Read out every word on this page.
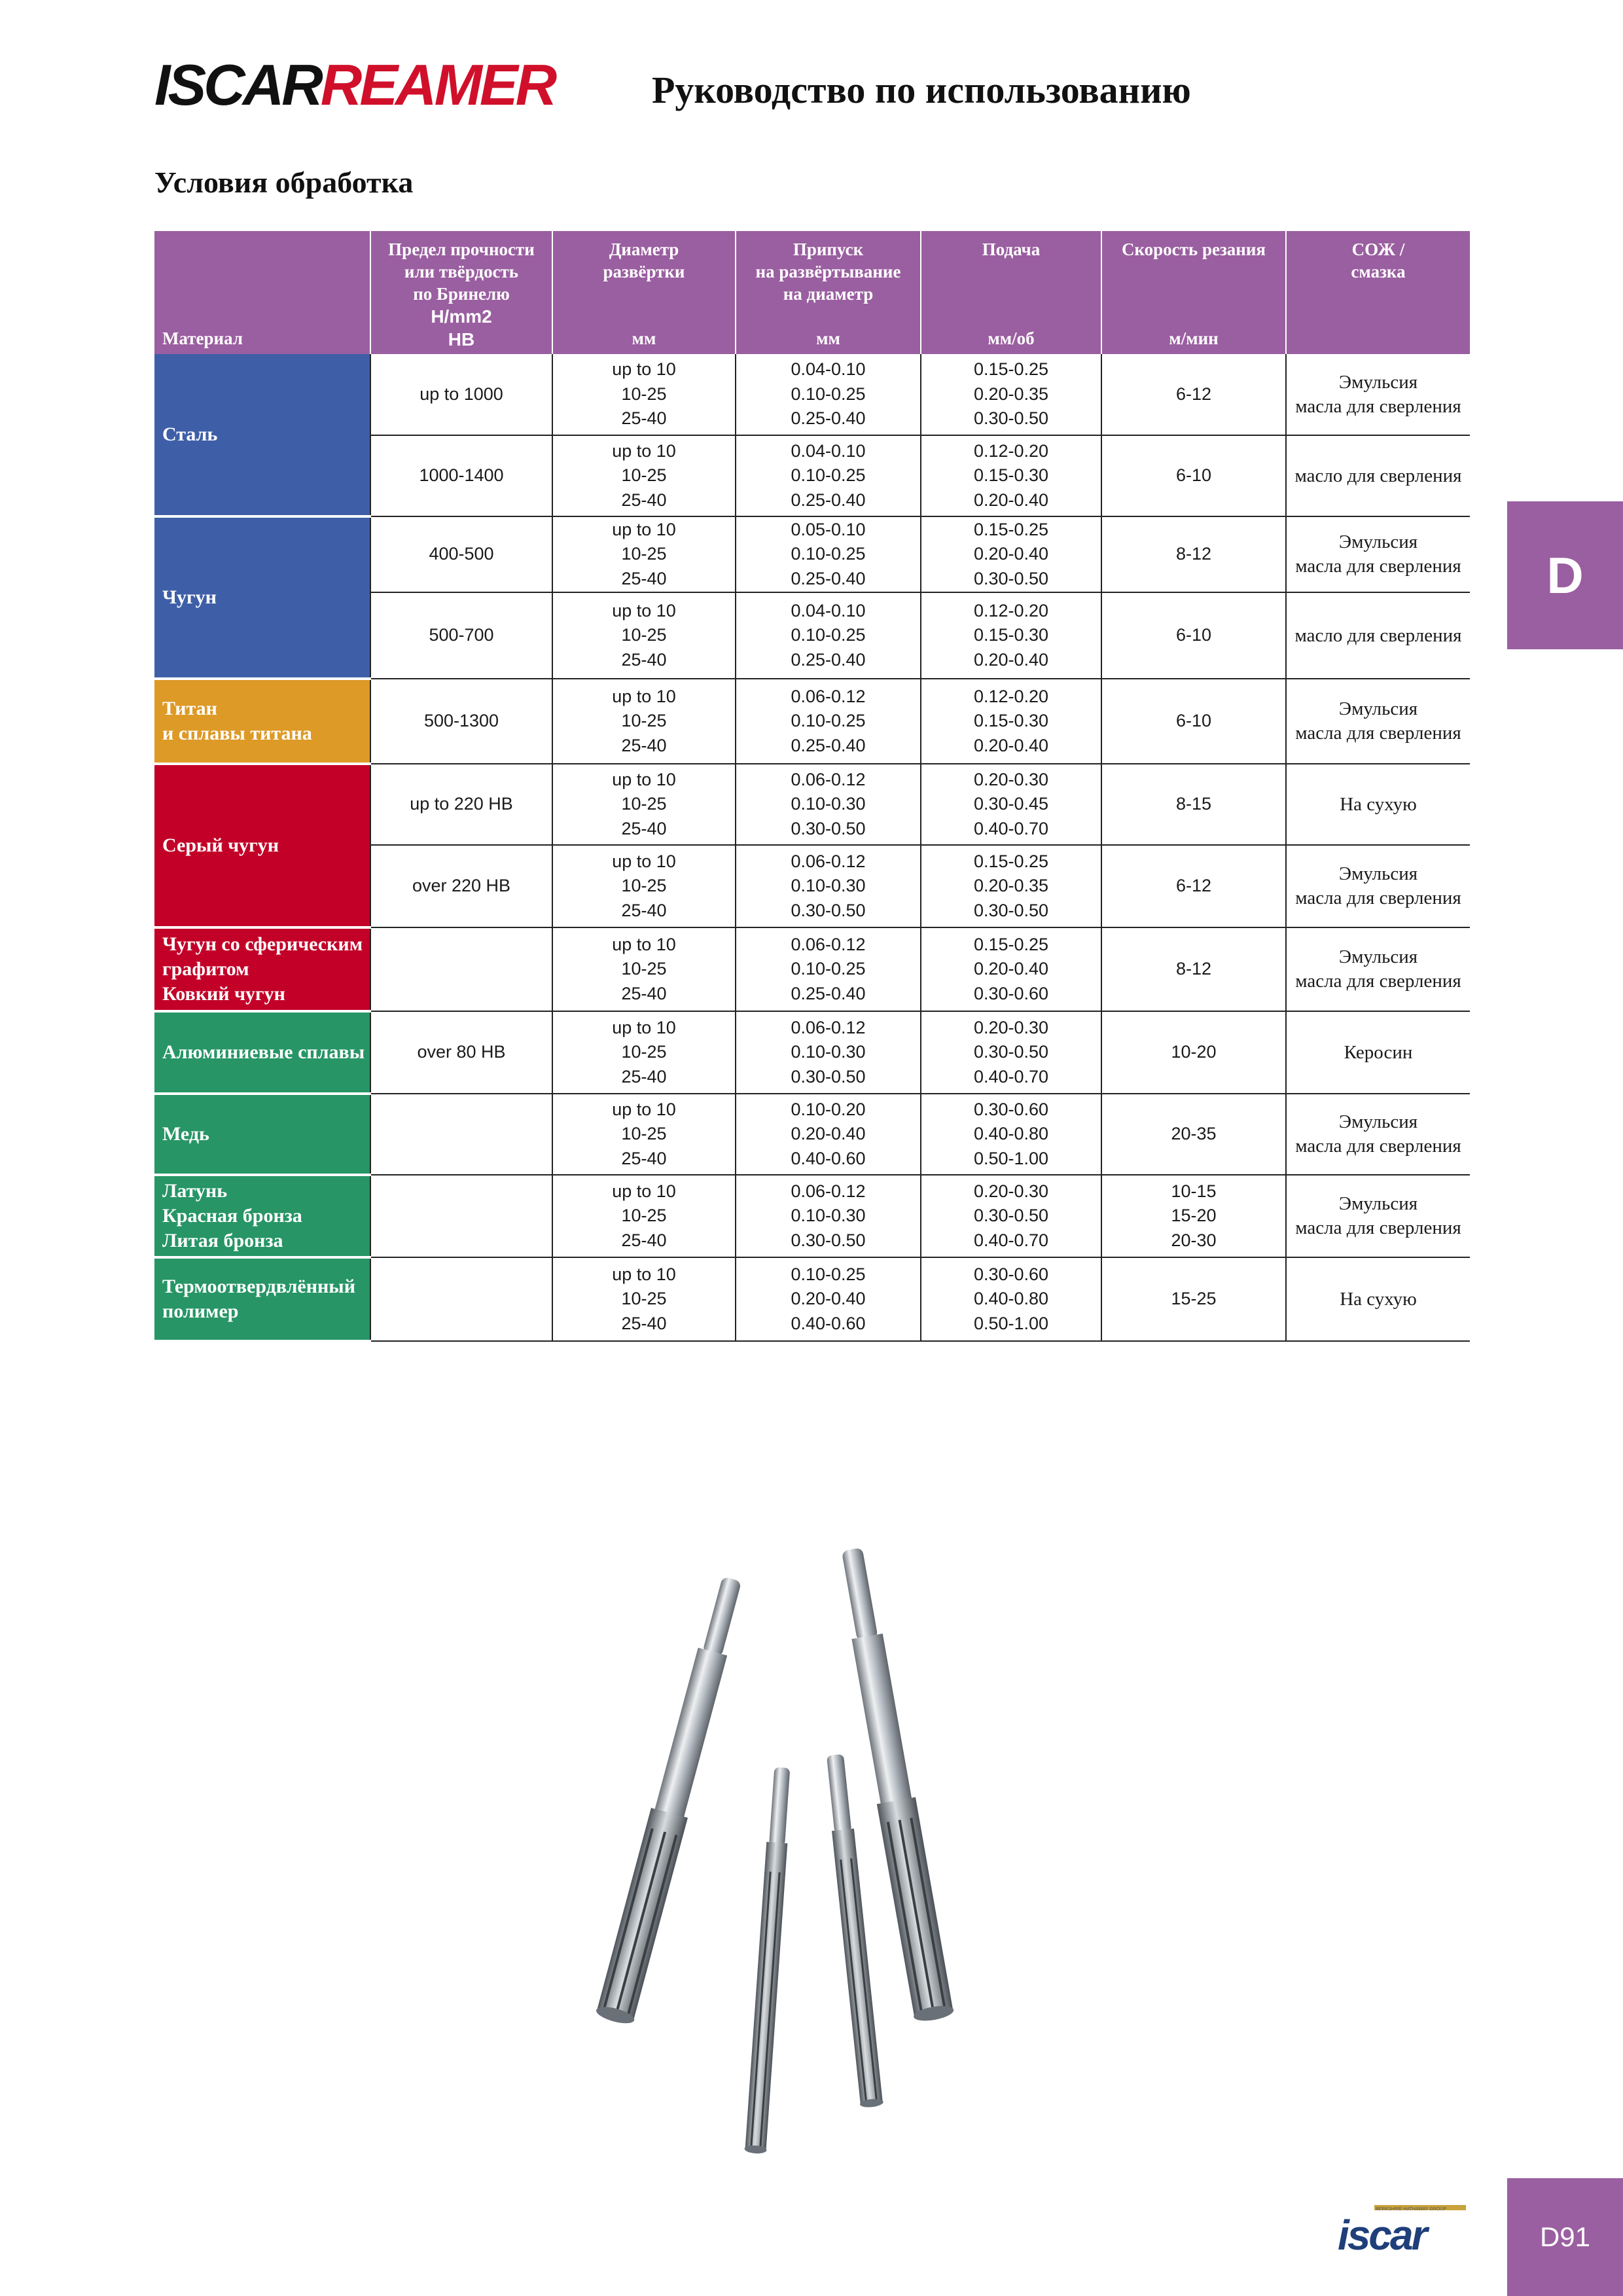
ISCARREAMER	Руководство по использованию
Условия обработка
D
D91
Материал	Предел прочности
или твёрдость
по Бринелю
H/mm2
HB	Диаметр
развёртки
мм	Припуск
на развёртывание
на диаметр
мм	Подача
мм/об	Скорость резания
м/мин	СОЖ /
смазка

Сталь	up to 1000	up to 10
10-25
25-40	0.04-0.10
0.10-0.25
0.25-0.40	0.15-0.25
0.20-0.35
0.30-0.50	6-12	Эмульсия
масла для сверления

	1000-1400	up to 10
10-25
25-40	0.04-0.10
0.10-0.25
0.25-0.40	0.12-0.20
0.15-0.30
0.20-0.40	6-10	масло для сверления

Чугун	400-500	up to 10
10-25
25-40	0.05-0.10
0.10-0.25
0.25-0.40	0.15-0.25
0.20-0.40
0.30-0.50	8-12	Эмульсия
масла для сверления

	500-700	up to 10
10-25
25-40	0.04-0.10
0.10-0.25
0.25-0.40	0.12-0.20
0.15-0.30
0.20-0.40	6-10	масло для сверления

Титан
и сплавы титана	500-1300	up to 10
10-25
25-40	0.06-0.12
0.10-0.25
0.25-0.40	0.12-0.20
0.15-0.30
0.20-0.40	6-10	Эмульсия
масла для сверления

Серый чугун	up to 220 HB	up to 10
10-25
25-40	0.06-0.12
0.10-0.30
0.30-0.50	0.20-0.30
0.30-0.45
0.40-0.70	8-15	На сухую

	over 220 HB	up to 10
10-25
25-40	0.06-0.12
0.10-0.30
0.30-0.50	0.15-0.25
0.20-0.35
0.30-0.50	6-12	Эмульсия
масла для сверления

Чугун со сферическим
графитом
Ковкий чугун		up to 10
10-25
25-40	0.06-0.12
0.10-0.25
0.25-0.40	0.15-0.25
0.20-0.40
0.30-0.60	8-12	Эмульсия
масла для сверления

Алюминиевые сплавы	over 80 HB	up to 10
10-25
25-40	0.06-0.12
0.10-0.30
0.30-0.50	0.20-0.30
0.30-0.50
0.40-0.70	10-20	Керосин

Медь		up to 10
10-25
25-40	0.10-0.20
0.20-0.40
0.40-0.60	0.30-0.60
0.40-0.80
0.50-1.00	20-35	Эмульсия
масла для сверления

Латунь
Красная бронза
Литая бронза		up to 10
10-25
25-40	0.06-0.12
0.10-0.30
0.30-0.50	0.20-0.30
0.30-0.50
0.40-0.70	10-15
15-20
20-30	Эмульсия
масла для сверления

Термоотвердвлённый
полимер		up to 10
10-25
25-40	0.10-0.25
0.20-0.40
0.40-0.60	0.30-0.60
0.40-0.80
0.50-1.00	15-25	На сухую
BERKSHIRE HATHAWAY GROUP
iscar
